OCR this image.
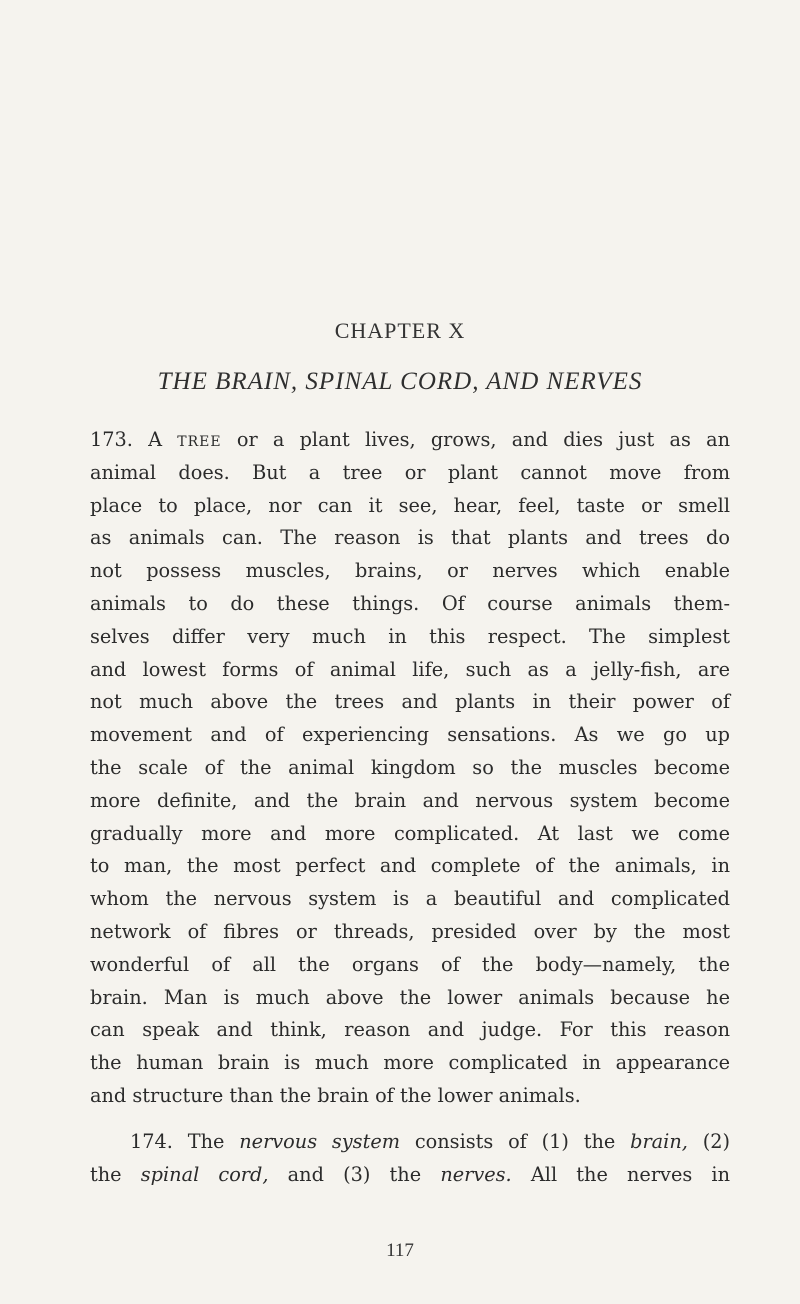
CHAPTER X
THE BRAIN, SPINAL CORD, AND NERVES
173. A tree or a plant lives, grows, and dies just as an
animal does. But a tree or plant cannot move from
place to place, nor can it see, hear, feel, taste or smell
as animals can. The reason is that plants and trees do
not possess muscles, brains, or nerves which enable
animals to do these things. Of course animals them-
selves differ very much in this respect. The simplest
and lowest forms of animal life, such as a jelly-fish, are
not much above the trees and plants in their power of
movement and of experiencing sensations. As we go up
the scale of the animal kingdom so the muscles become
more definite, and the brain and nervous system become
gradually more and more complicated. At last we come
to man, the most perfect and complete of the animals, in
whom the nervous system is a beautiful and complicated
network of fibres or threads, presided over by the most
wonderful of all the organs of the body—namely, the
brain. Man is much above the lower animals because he
can speak and think, reason and judge. For this reason
the human brain is much more complicated in appearance
and structure than the brain of the lower animals.
174. The nervous system consists of (1) the brain, (2)
the spinal cord, and (3) the nerves. All the nerves in
117
